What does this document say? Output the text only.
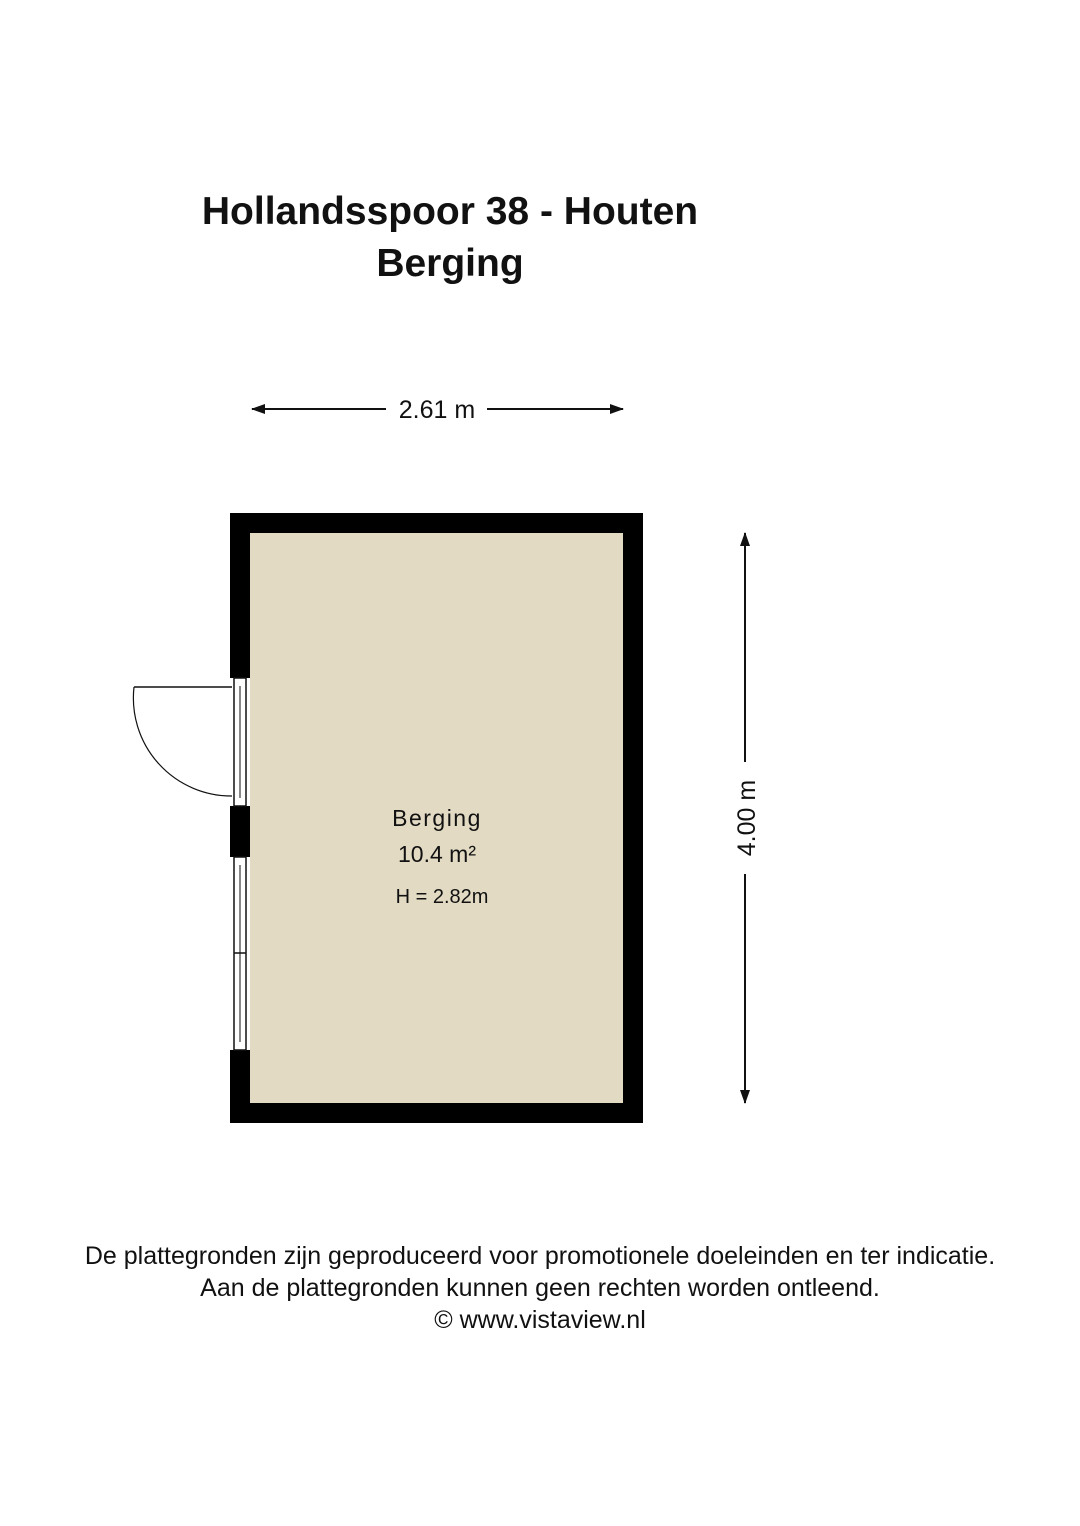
Hollandsspoor 38 - Houten
Berging
2.61 m
4.00 m
Berging
10.4 m²
H = 2.82m
De plattegronden zijn geproduceerd voor promotionele doeleinden en ter indicatie.
Aan de plattegronden kunnen geen rechten worden ontleend.
© www.vistaview.nl
